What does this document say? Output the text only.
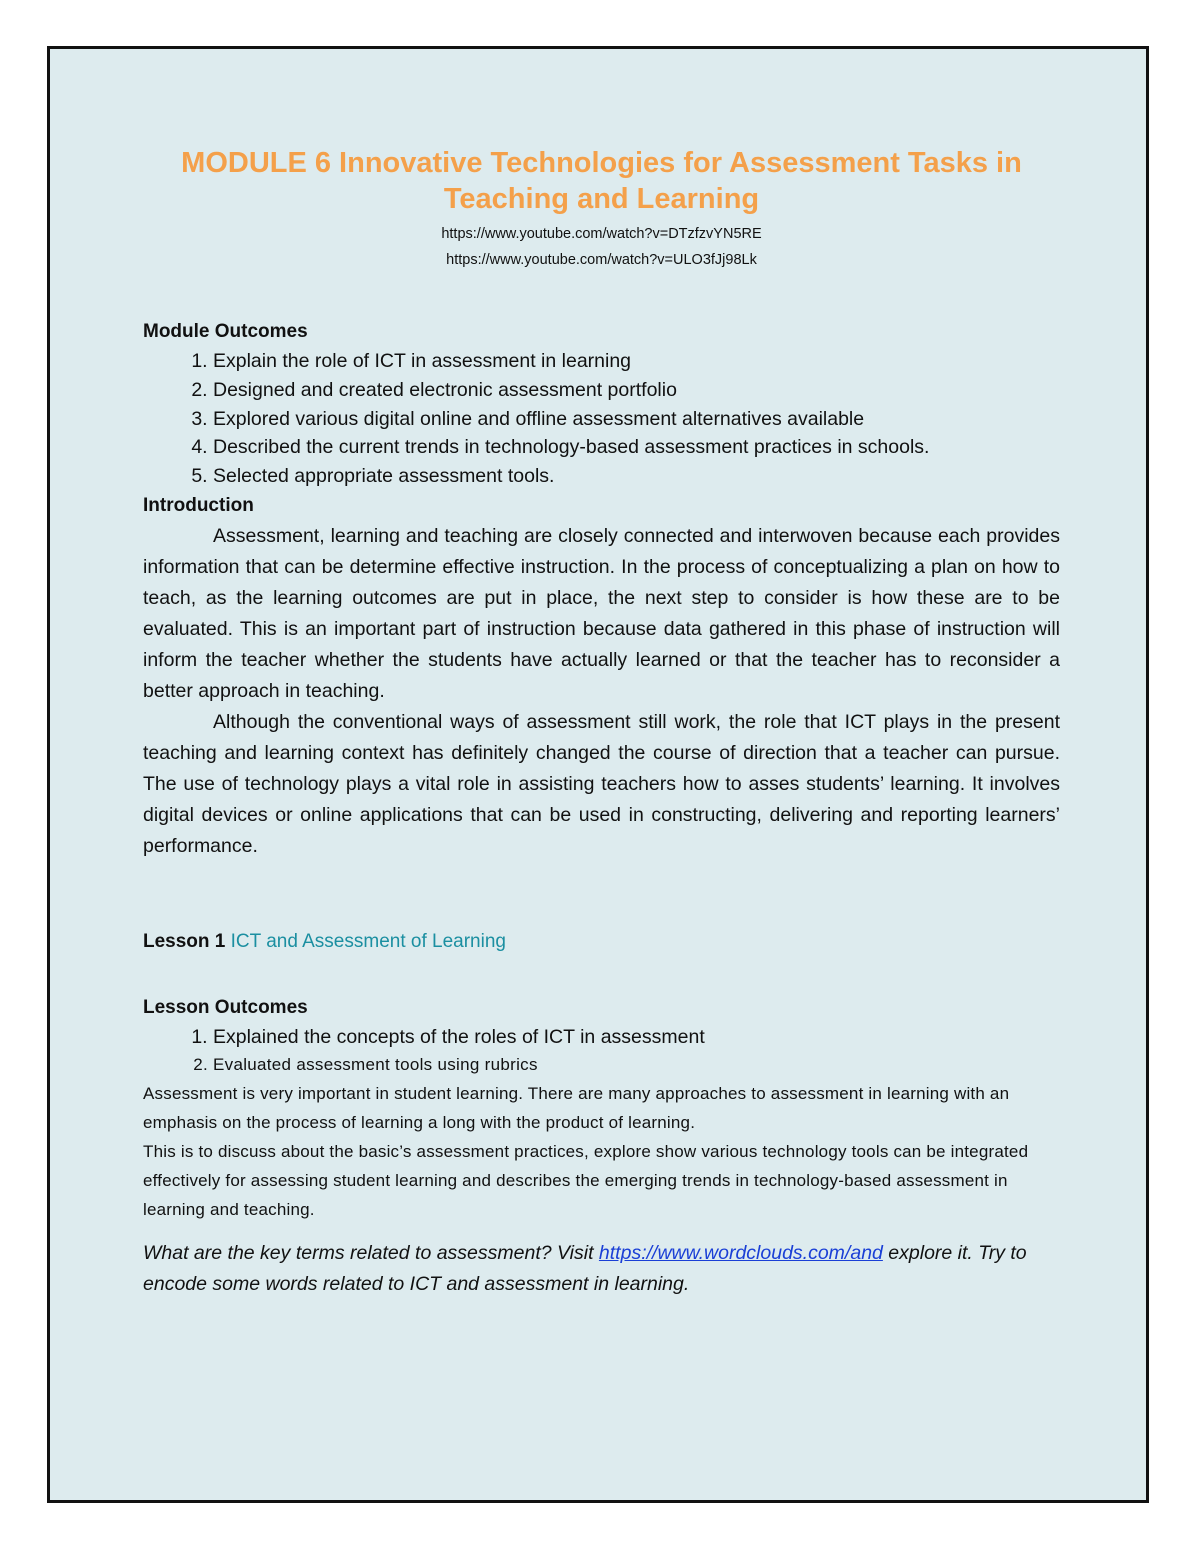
MODULE 6 Innovative Technologies for Assessment Tasks in Teaching and Learning

https://www.youtube.com/watch?v=DTzfzvYN5RE

https://www.youtube.com/watch?v=ULO3fJj98Lk

Module Outcomes

1. Explain the role of ICT in assessment in learning
2. Designed and created electronic assessment portfolio
3. Explored various digital online and offline assessment alternatives available
4. Described the current trends in technology-based assessment practices in schools.
5. Selected appropriate assessment tools.

Introduction

Assessment, learning and teaching are closely connected and interwoven because each provides information that can be determine effective instruction. In the process of conceptualizing a plan on how to teach, as the learning outcomes are put in place, the next step to consider is how these are to be evaluated. This is an important part of instruction because data gathered in this phase of instruction will inform the teacher whether the students have actually learned or that the teacher has to reconsider a better approach in teaching.

Although the conventional ways of assessment still work, the role that ICT plays in the present teaching and learning context has definitely changed the course of direction that a teacher can pursue. The use of technology plays a vital role in assisting teachers how to asses students’ learning. It involves digital devices or online applications that can be used in constructing, delivering and reporting learners’ performance.

Lesson 1 ICT and Assessment of Learning

Lesson Outcomes

1. Explained the concepts of the roles of ICT in assessment
2. Evaluated assessment tools using rubrics

Assessment is very important in student learning. There are many approaches to assessment in learning with an emphasis on the process of learning a long with the product of learning.

This is to discuss about the basic’s assessment practices, explore show various technology tools can be integrated effectively for assessing student learning and describes the emerging trends in technology-based assessment in learning and teaching.

What are the key terms related to assessment? Visit https://www.wordclouds.com/and explore it. Try to encode some words related to ICT and assessment in learning.
